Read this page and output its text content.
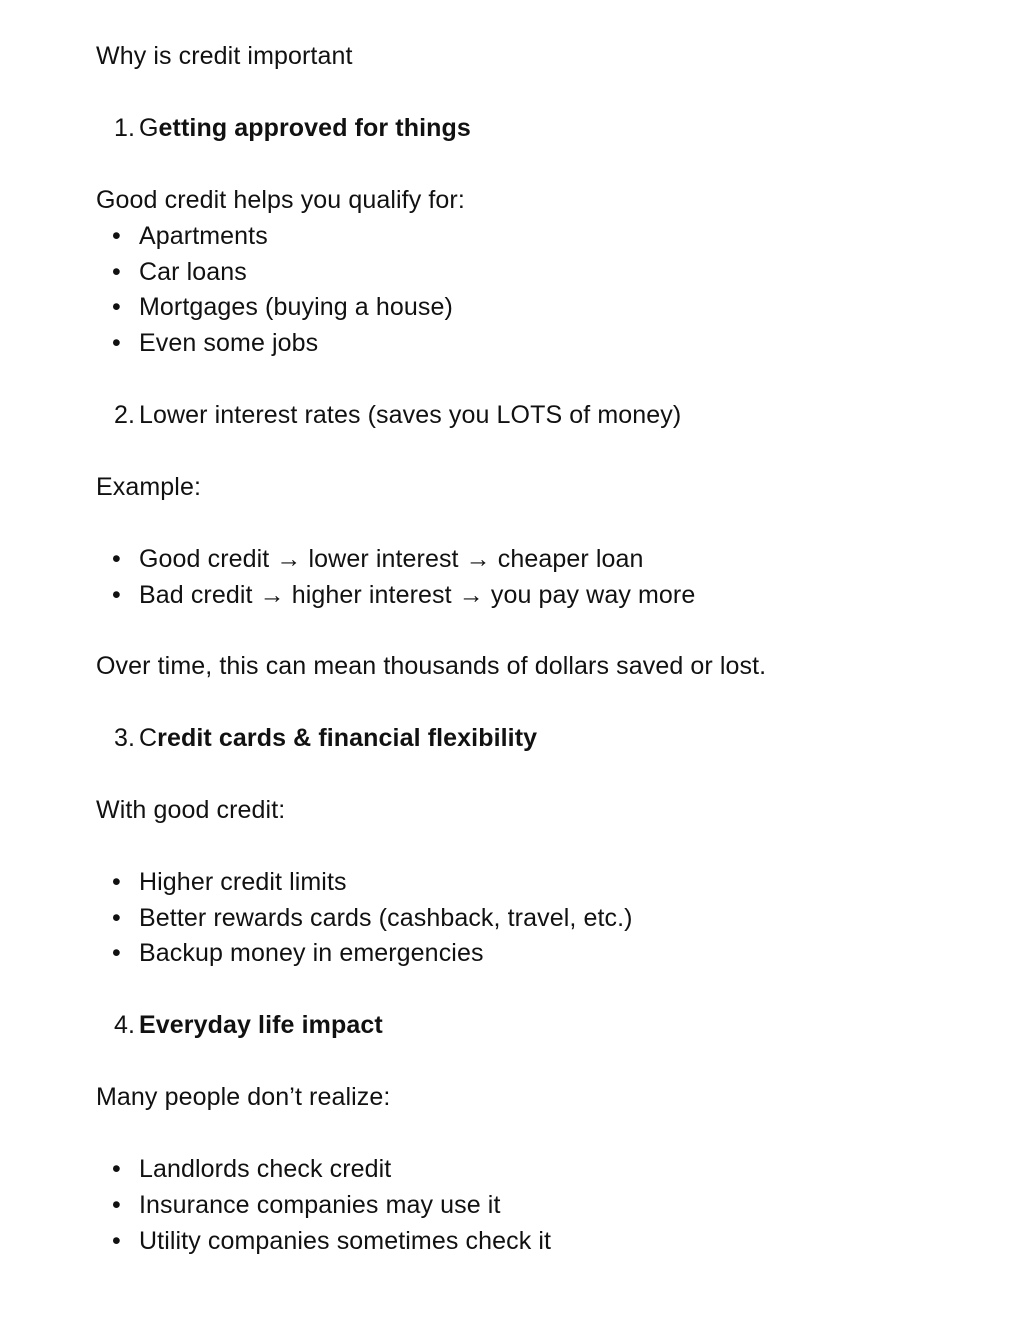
Why is credit important
1. Getting approved for things
Good credit helps you qualify for:
• Apartments
• Car loans
• Mortgages (buying a house)
• Even some jobs
2. Lower interest rates (saves you LOTS of money)
Example:
• Good credit → lower interest → cheaper loan
• Bad credit → higher interest → you pay way more
Over time, this can mean thousands of dollars saved or lost.
3. Credit cards & financial flexibility
With good credit:
• Higher credit limits
• Better rewards cards (cashback, travel, etc.)
• Backup money in emergencies
4. Everyday life impact
Many people don’t realize:
• Landlords check credit
• Insurance companies may use it
• Utility companies sometimes check it
